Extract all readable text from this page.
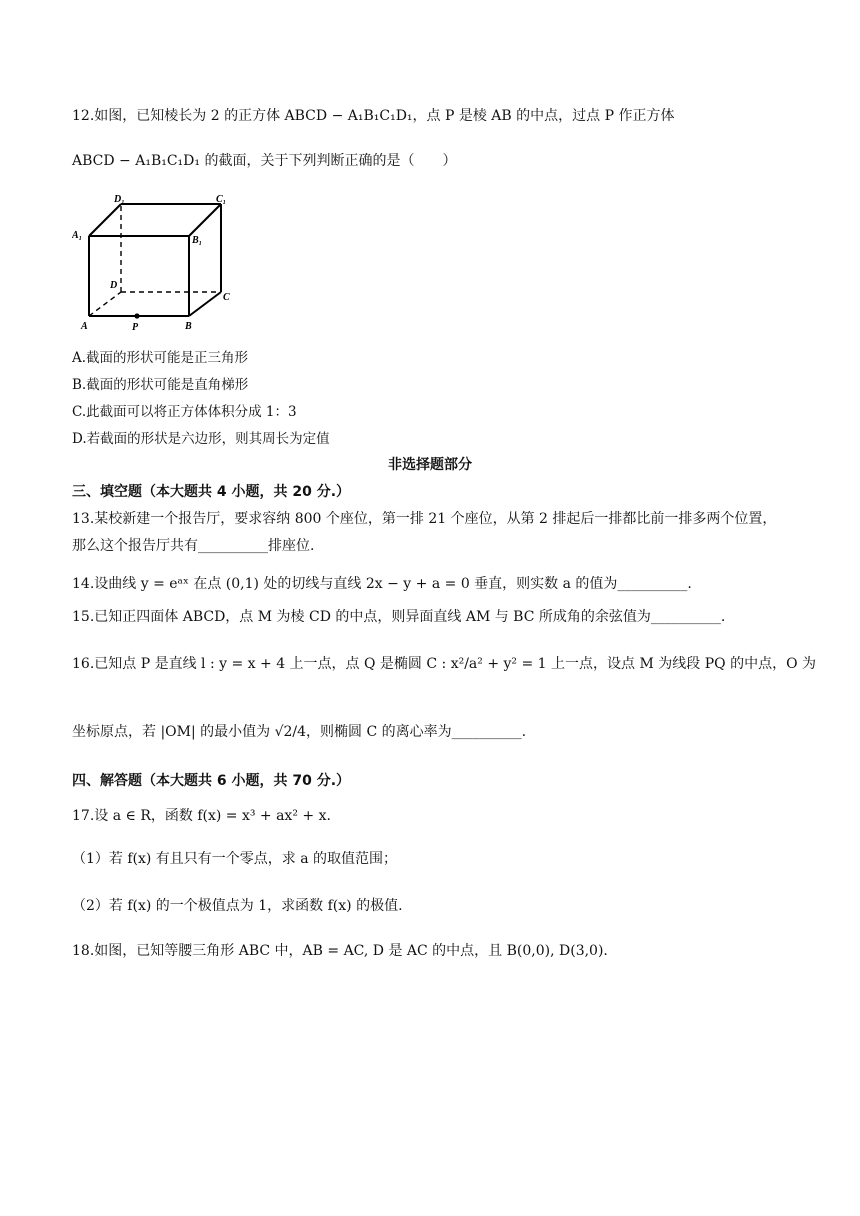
12.如图，已知棱长为 2 的正方体 ABCD − A₁B₁C₁D₁，点 P 是棱 AB 的中点，过点 P 作正方体
ABCD − A₁B₁C₁D₁ 的截面，关于下列判断正确的是（　　）
D₁	C₁
A₁	B₁
D
C
A	P	B
A.截面的形状可能是正三角形
B.截面的形状可能是直角梯形
C.此截面可以将正方体体积分成 1：3
D.若截面的形状是六边形，则其周长为定值
非选择题部分
三、填空题（本大题共 4 小题，共 20 分.）
13.某校新建一个报告厅，要求容纳 800 个座位，第一排 21 个座位，从第 2 排起后一排都比前一排多两个位置，
那么这个报告厅共有__________排座位.
14.设曲线 y = eᵃˣ 在点 (0,1) 处的切线与直线 2x − y + a = 0 垂直，则实数 a 的值为__________.
15.已知正四面体 ABCD，点 M 为棱 CD 的中点，则异面直线 AM 与 BC 所成角的余弦值为__________.
16.已知点 P 是直线 l : y = x + 4 上一点，点 Q 是椭圆 C : x²/a² + y² = 1 上一点，设点 M 为线段 PQ 的中点，O 为
坐标原点，若 |OM| 的最小值为 √2/4，则椭圆 C 的离心率为__________.
四、解答题（本大题共 6 小题，共 70 分.）
17.设 a ∈ R，函数 f(x) = x³ + ax² + x.
（1）若 f(x) 有且只有一个零点，求 a 的取值范围；
（2）若 f(x) 的一个极值点为 1，求函数 f(x) 的极值.
18.如图，已知等腰三角形 ABC 中，AB = AC, D 是 AC 的中点，且 B(0,0), D(3,0).
